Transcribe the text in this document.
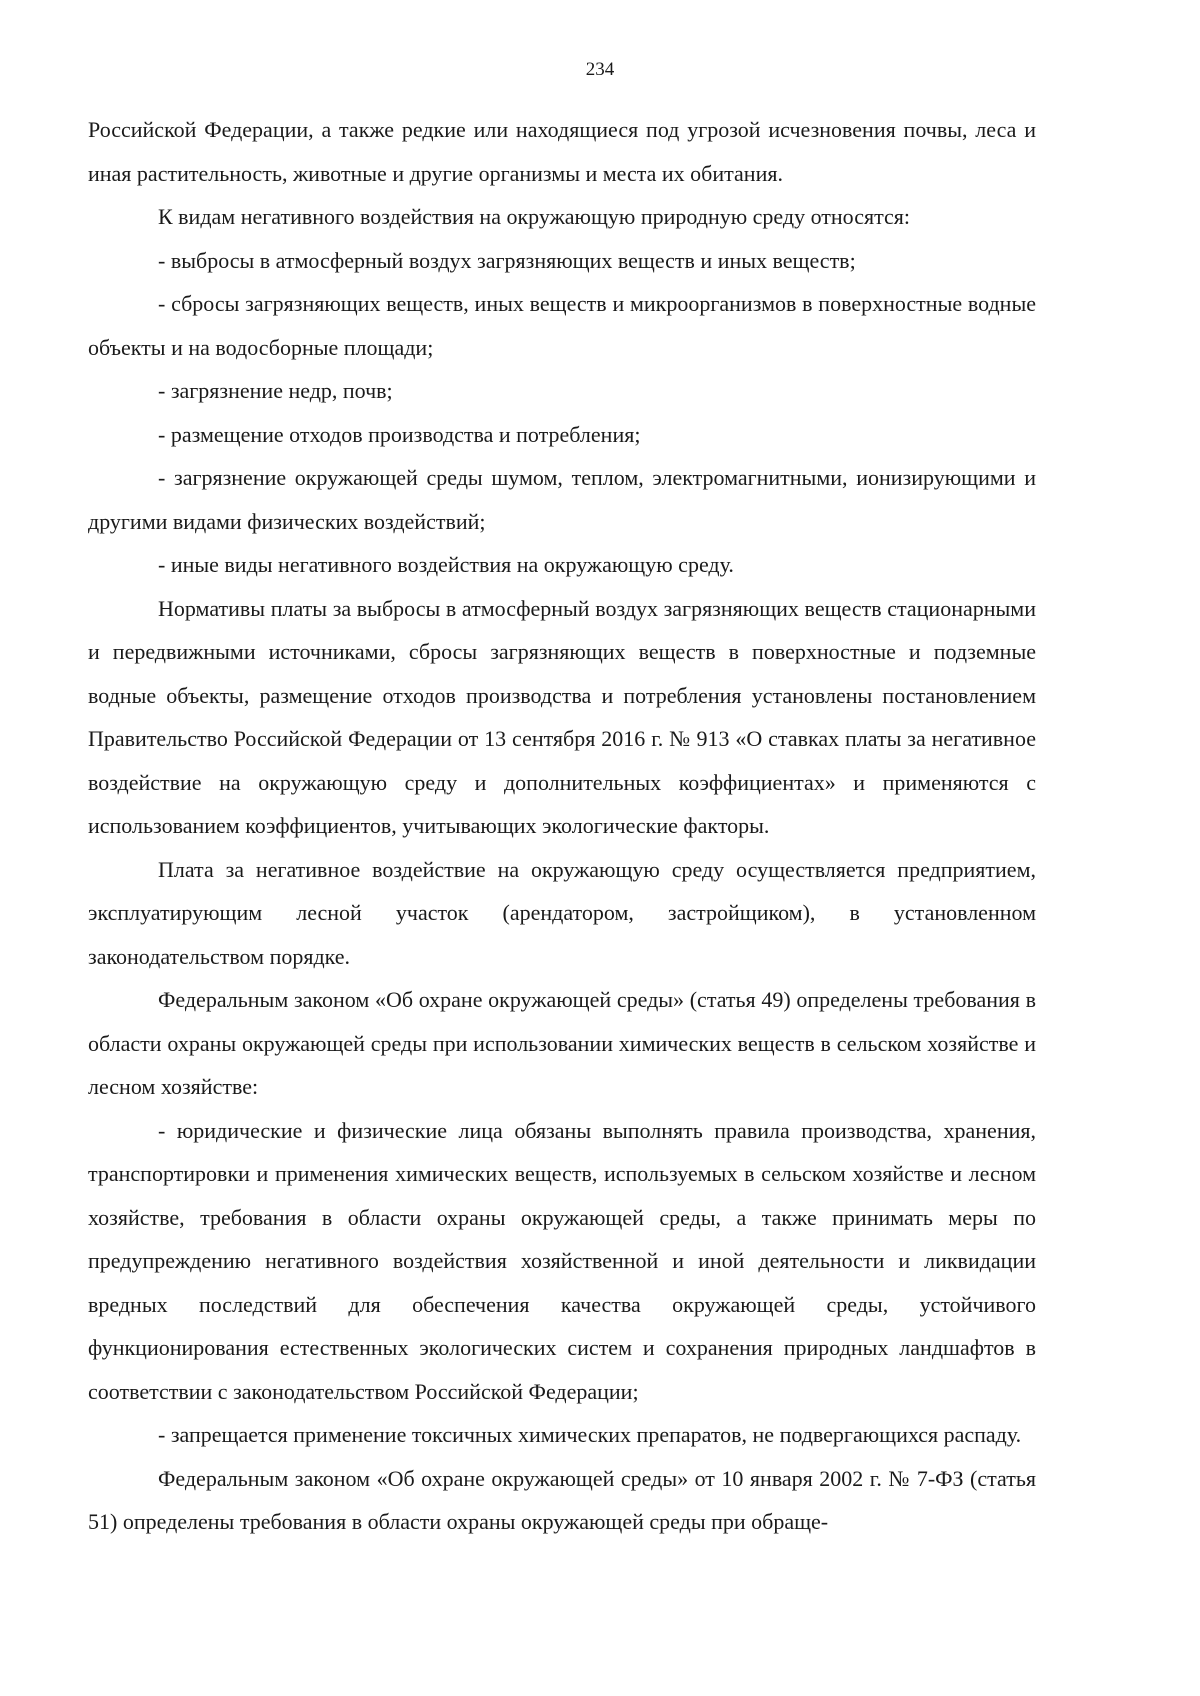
234

Российской Федерации, а также редкие или находящиеся под угрозой исчезновения почвы, леса и иная растительность, животные и другие организмы и места их обитания.

К видам негативного воздействия на окружающую природную среду относятся:

- выбросы в атмосферный воздух загрязняющих веществ и иных веществ;

- сбросы загрязняющих веществ, иных веществ и микроорганизмов в поверхностные водные объекты и на водосборные площади;

- загрязнение недр, почв;

- размещение отходов производства и потребления;

- загрязнение окружающей среды шумом, теплом, электромагнитными, ионизирующими и другими видами физических воздействий;

- иные виды негативного воздействия на окружающую среду.

Нормативы платы за выбросы в атмосферный воздух загрязняющих веществ стационарными и передвижными источниками, сбросы загрязняющих веществ в поверхностные и подземные водные объекты, размещение отходов производства и потребления установлены постановлением Правительство Российской Федерации от 13 сентября 2016 г. № 913 «О ставках платы за негативное воздействие на окружающую среду и дополнительных коэффициентах» и применяются с использованием коэффициентов, учитывающих экологические факторы.

Плата за негативное воздействие на окружающую среду осуществляется предприятием, эксплуатирующим лесной участок (арендатором, застройщиком), в установленном законодательством порядке.

Федеральным законом «Об охране окружающей среды» (статья 49) определены требования в области охраны окружающей среды при использовании химических веществ в сельском хозяйстве и лесном хозяйстве:

- юридические и физические лица обязаны выполнять правила производства, хранения, транспортировки и применения химических веществ, используемых в сельском хозяйстве и лесном хозяйстве, требования в области охраны окружающей среды, а также принимать меры по предупреждению негативного воздействия хозяйственной и иной деятельности и ликвидации вредных последствий для обеспечения качества окружающей среды, устойчивого функционирования естественных экологических систем и сохранения природных ландшафтов в соответствии с законодательством Российской Федерации;

- запрещается применение токсичных химических препаратов, не подвергающихся распаду.

Федеральным законом «Об охране окружающей среды» от 10 января 2002 г. № 7-ФЗ (статья 51) определены требования в области охраны окружающей среды при обраще-
